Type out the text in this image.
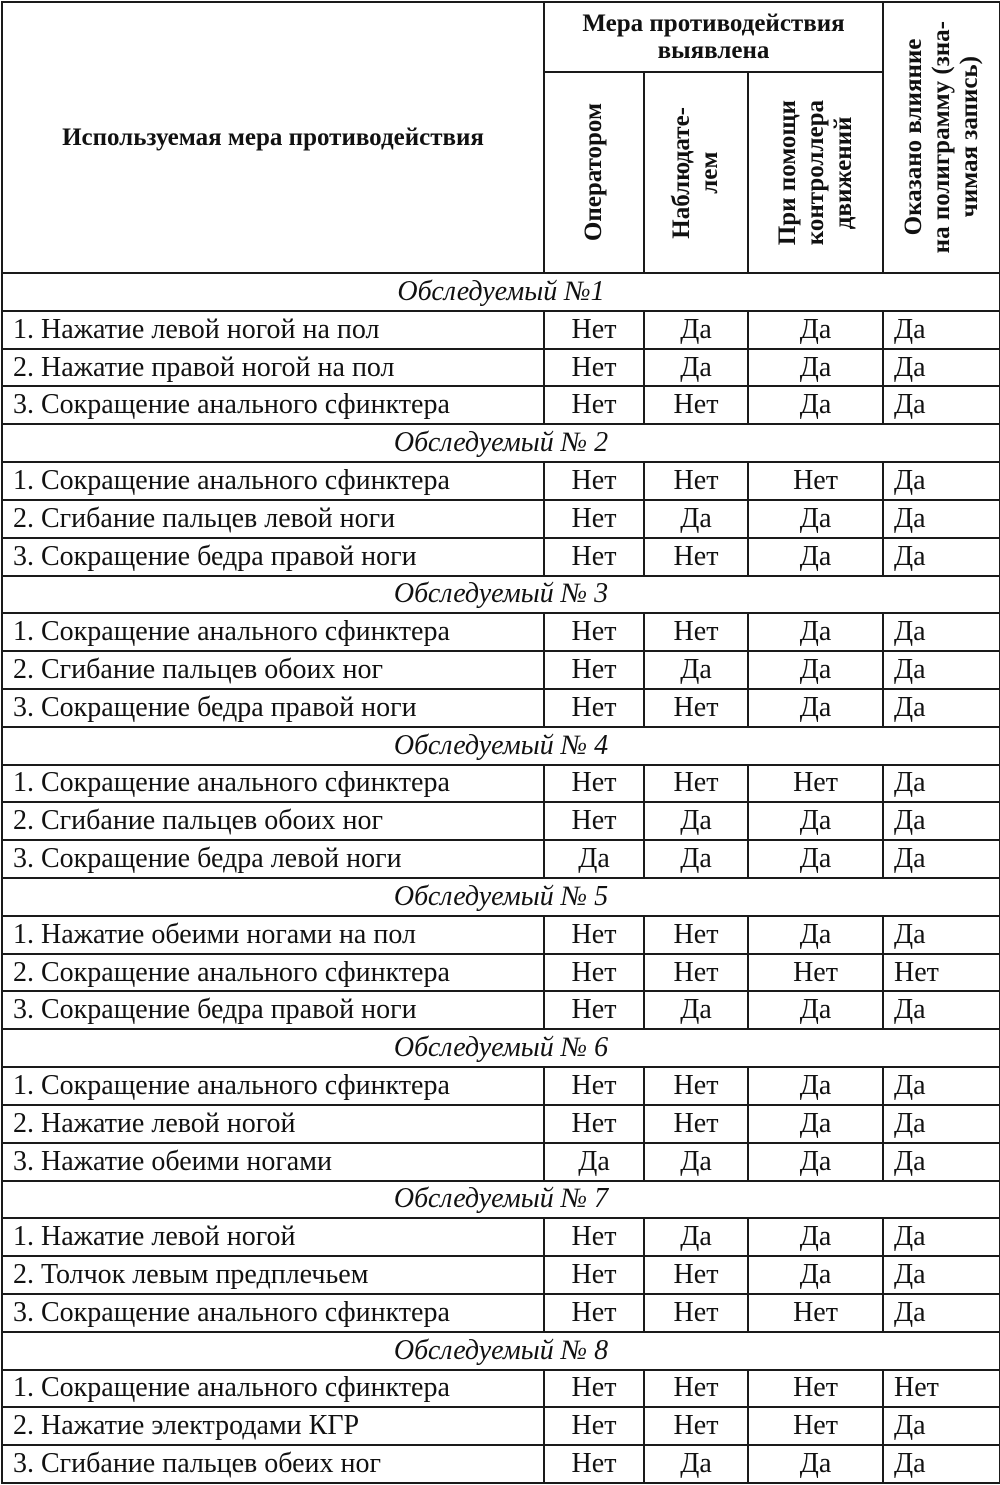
Используемая мера противодействия	Мера противодействия выявлена			Оказано влияние
на полиграмму (зна-
чимая запись)

	Оператором	Наблюдате-
лем	При помощи
контроллера
движений	

Обследуемый №1				
1. Нажатие левой ногой на пол	Нет	Да	Да	Да
2. Нажатие правой ногой на пол	Нет	Да	Да	Да
3. Сокращение анального сфинктера	Нет	Нет	Да	Да
Обследуемый № 2				
1. Сокращение анального сфинктера	Нет	Нет	Нет	Да
2. Сгибание пальцев левой ноги	Нет	Да	Да	Да
3. Сокращение бедра правой ноги	Нет	Нет	Да	Да
Обследуемый № 3				
1. Сокращение анального сфинктера	Нет	Нет	Да	Да
2. Сгибание пальцев обоих ног	Нет	Да	Да	Да
3. Сокращение бедра правой ноги	Нет	Нет	Да	Да
Обследуемый № 4				
1. Сокращение анального сфинктера	Нет	Нет	Нет	Да
2. Сгибание пальцев обоих ног	Нет	Да	Да	Да
3. Сокращение бедра левой ноги	Да	Да	Да	Да
Обследуемый № 5				
1. Нажатие обеими ногами на пол	Нет	Нет	Да	Да
2. Сокращение анального сфинктера	Нет	Нет	Нет	Нет
3. Сокращение бедра правой ноги	Нет	Да	Да	Да
Обследуемый № 6				
1. Сокращение анального сфинктера	Нет	Нет	Да	Да
2. Нажатие левой ногой	Нет	Нет	Да	Да
3. Нажатие обеими ногами	Да	Да	Да	Да
Обследуемый № 7				
1. Нажатие левой ногой	Нет	Да	Да	Да
2. Толчок левым предплечьем	Нет	Нет	Да	Да
3. Сокращение анального сфинктера	Нет	Нет	Нет	Да
Обследуемый № 8				
1. Сокращение анального сфинктера	Нет	Нет	Нет	Нет
2. Нажатие электродами КГР	Нет	Нет	Нет	Да
3. Сгибание пальцев обеих ног	Нет	Да	Да	Да
